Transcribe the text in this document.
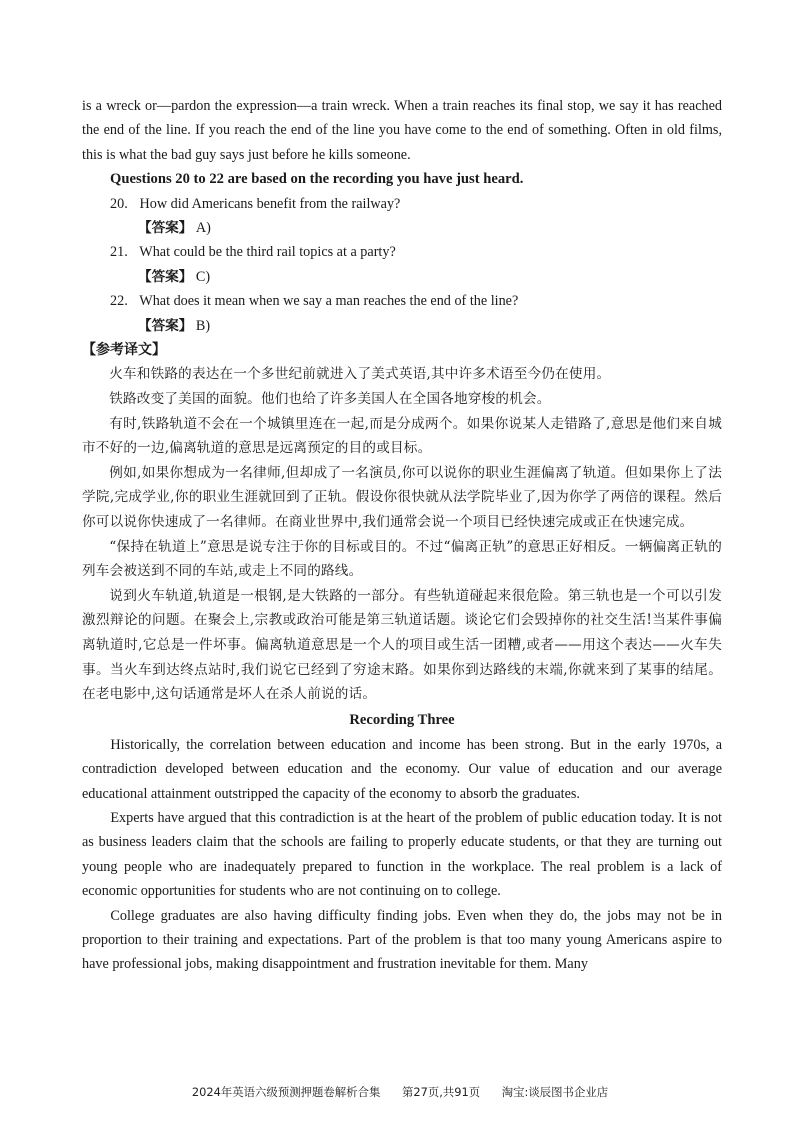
is a wreck or—pardon the expression—a train wreck. When a train reaches its final stop, we say it has reached the end of the line. If you reach the end of the line you have come to the end of something. Often in old films, this is what the bad guy says just before he kills someone.

Questions 20 to 22 are based on the recording you have just heard.

20. How did Americans benefit from the railway?

【答案】 A)

21. What could be the third rail topics at a party?

【答案】 C)

22. What does it mean when we say a man reaches the end of the line?

【答案】 B)

【参考译文】

火车和铁路的表达在一个多世纪前就进入了美式英语,其中许多术语至今仍在使用。

铁路改变了美国的面貌。他们也给了许多美国人在全国各地穿梭的机会。

有时,铁路轨道不会在一个城镇里连在一起,而是分成两个。如果你说某人走错路了,意思是他们来自城市不好的一边,偏离轨道的意思是远离预定的目的或目标。

例如,如果你想成为一名律师,但却成了一名演员,你可以说你的职业生涯偏离了轨道。但如果你上了法学院,完成学业,你的职业生涯就回到了正轨。假设你很快就从法学院毕业了,因为你学了两倍的课程。然后你可以说你快速成了一名律师。在商业世界中,我们通常会说一个项目已经快速完成或正在快速完成。

“保持在轨道上”意思是说专注于你的目标或目的。不过“偏离正轨”的意思正好相反。一辆偏离正轨的列车会被送到不同的车站,或走上不同的路线。

说到火车轨道,轨道是一根钢,是大铁路的一部分。有些轨道碰起来很危险。第三轨也是一个可以引发激烈辩论的问题。在聚会上,宗教或政治可能是第三轨道话题。谈论它们会毁掉你的社交生活!当某件事偏离轨道时,它总是一件坏事。偏离轨道意思是一个人的项目或生活一团糟,或者——用这个表达——火车失事。当火车到达终点站时,我们说它已经到了穷途末路。如果你到达路线的末端,你就来到了某事的结尾。在老电影中,这句话通常是坏人在杀人前说的话。

Recording Three

Historically, the correlation between education and income has been strong. But in the early 1970s, a contradiction developed between education and the economy. Our value of education and our average educational attainment outstripped the capacity of the economy to absorb the graduates.

Experts have argued that this contradiction is at the heart of the problem of public education today. It is not as business leaders claim that the schools are failing to properly educate students, or that they are turning out young people who are inadequately prepared to function in the workplace. The real problem is a lack of economic opportunities for students who are not continuing on to college.

College graduates are also having difficulty finding jobs. Even when they do, the jobs may not be in proportion to their training and expectations. Part of the problem is that too many young Americans aspire to have professional jobs, making disappointment and frustration inevitable for them. Many

2024年英语六级预测押题卷解析合集 第27页,共91页 淘宝:谈辰图书企业店
